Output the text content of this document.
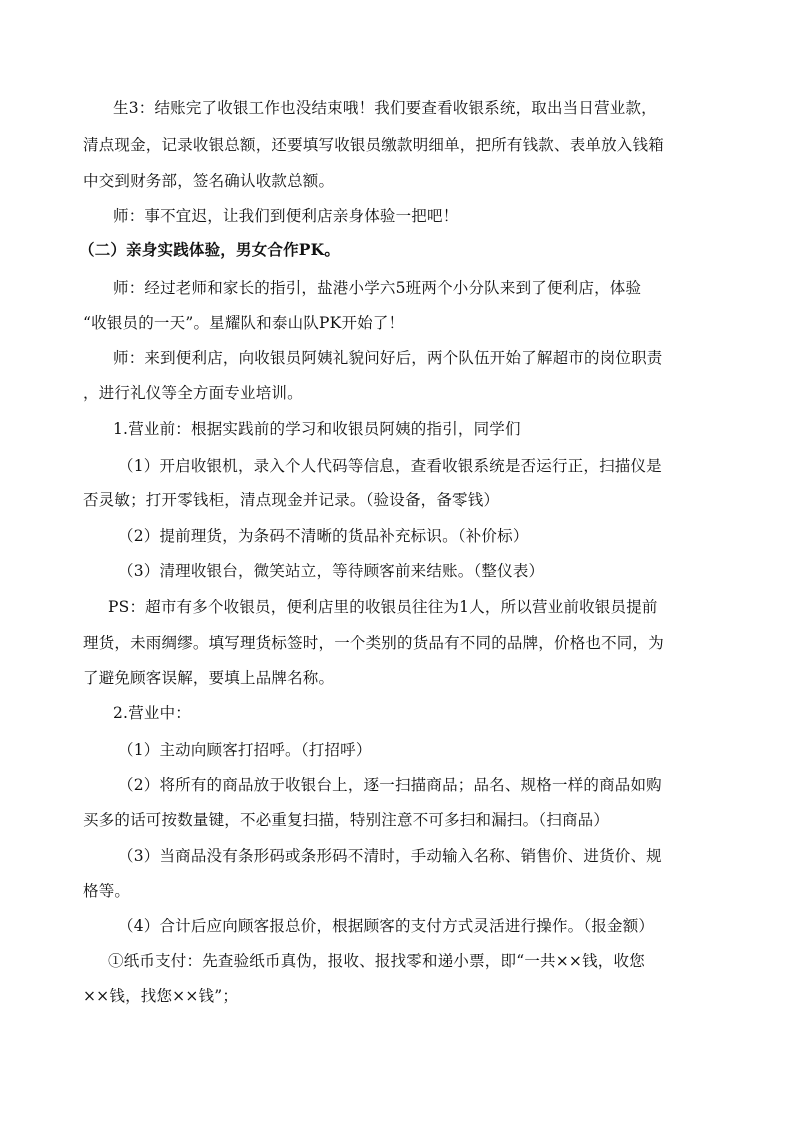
生3：结账完了收银工作也没结束哦！我们要查看收银系统，取出当日营业款，
清点现金，记录收银总额，还要填写收银员缴款明细单，把所有钱款、表单放入钱箱
中交到财务部，签名确认收款总额。
师：事不宜迟，让我们到便利店亲身体验一把吧！
（二）亲身实践体验，男女合作PK。
师：经过老师和家长的指引，盐港小学六5班两个小分队来到了便利店，体验
“收银员的一天”。星耀队和泰山队PK开始了！
师：来到便利店，向收银员阿姨礼貌问好后，两个队伍开始了解超市的岗位职责
，进行礼仪等全方面专业培训。
1.营业前：根据实践前的学习和收银员阿姨的指引，同学们
（1）开启收银机，录入个人代码等信息，查看收银系统是否运行正，扫描仪是
否灵敏；打开零钱柜，清点现金并记录。（验设备，备零钱）
（2）提前理货，为条码不清晰的货品补充标识。（补价标）
（3）清理收银台，微笑站立，等待顾客前来结账。（整仪表）
PS：超市有多个收银员，便利店里的收银员往往为1人，所以营业前收银员提前
理货，未雨绸缪。填写理货标签时，一个类别的货品有不同的品牌，价格也不同，为
了避免顾客误解，要填上品牌名称。
2.营业中：
（1）主动向顾客打招呼。（打招呼）
（2）将所有的商品放于收银台上，逐一扫描商品；品名、规格一样的商品如购
买多的话可按数量键，不必重复扫描，特别注意不可多扫和漏扫。（扫商品）
（3）当商品没有条形码或条形码不清时，手动输入名称、销售价、进货价、规
格等。
（4）合计后应向顾客报总价，根据顾客的支付方式灵活进行操作。（报金额）
①纸币支付：先查验纸币真伪，报收、报找零和递小票，即“一共××钱，收您
××钱，找您××钱”；
